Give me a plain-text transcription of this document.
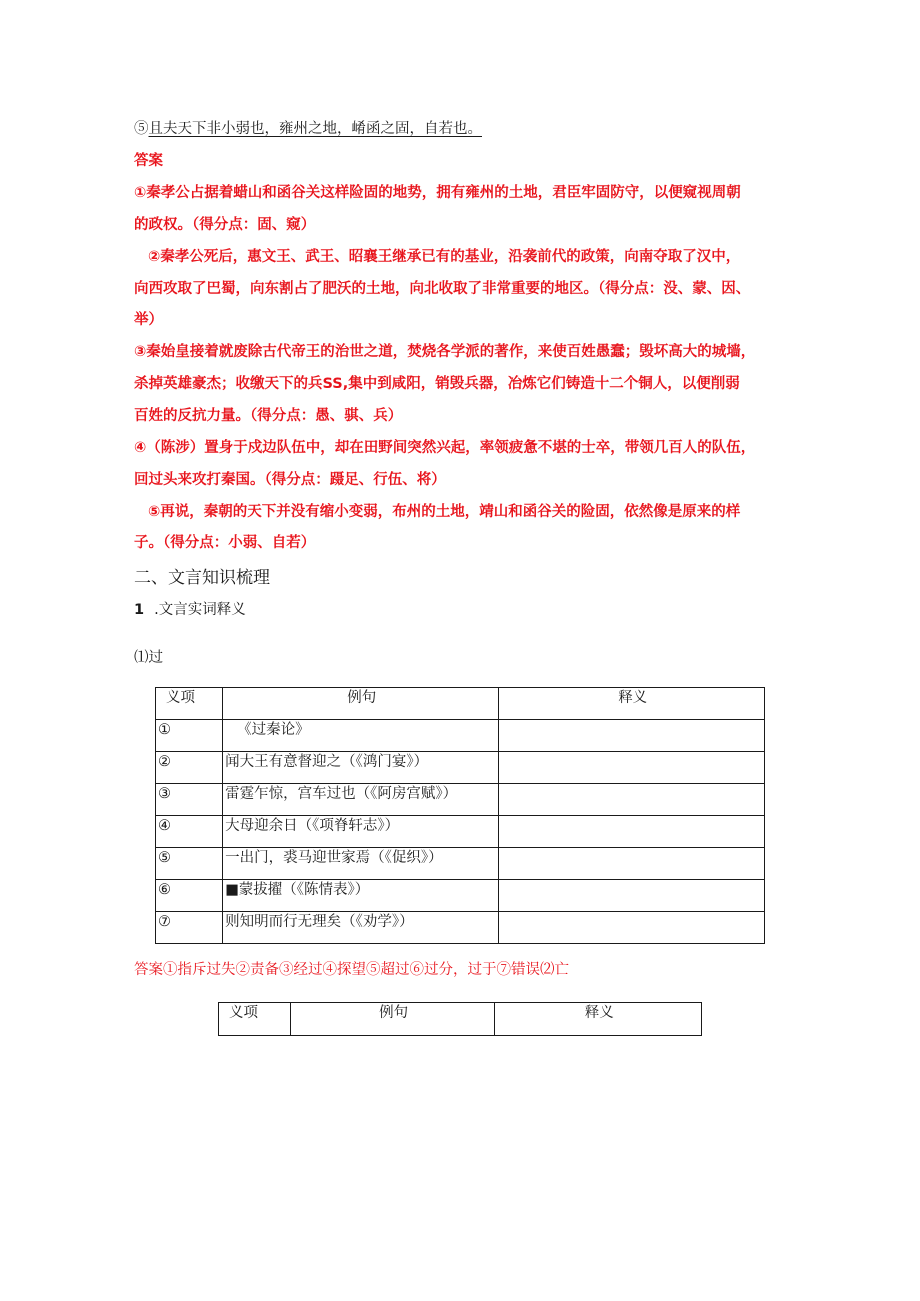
⑤且夫天下非小弱也，雍州之地，崤函之固，自若也。
答案
①秦孝公占据着蜡山和函谷关这样险固的地势，拥有雍州的土地，君臣牢固防守，以便窥视周朝
的政权。（得分点：固、窥）
②秦孝公死后，惠文王、武王、昭襄王继承已有的基业，沿袭前代的政策，向南夺取了汉中，
向西攻取了巴蜀，向东割占了肥沃的土地，向北收取了非常重要的地区。（得分点：没、蒙、因、
举）
③秦始皇接着就废除古代帝王的治世之道，焚烧各学派的著作，来使百姓愚蠢；毁坏高大的城墙，
杀掉英雄豪杰；收缴天下的兵SS,集中到咸阳，销毁兵器，冶炼它们铸造十二个铜人，以便削弱
百姓的反抗力量。（得分点：愚、骐、兵）
④（陈涉）置身于戍边队伍中，却在田野间突然兴起，率领疲惫不堪的士卒，带领几百人的队伍，
回过头来攻打秦国。（得分点：蹑足、行伍、将）
⑤再说，秦朝的天下并没有缩小变弱，布州的土地，靖山和函谷关的险固，依然像是原来的样
子。（得分点：小弱、自若）
二、文言知识梳理
1 .文言实词释义
⑴过
义项	例句	释义
①	《过秦论》	
②	闻大王有意督迎之（《鸿门宴》）	
③	雷霆乍惊，宫车过也（《阿房宫赋》）	
④	大母迎余日（《项脊轩志》）	
⑤	一出门，裘马迎世家焉（《促织》）	
⑥	■蒙拔擢（《陈情表》）	
⑦	则知明而行无理矣（《劝学》）	
答案①指斥过失②责备③经过④探望⑤超过⑥过分，过于⑦错误⑵亡
义项	例句	释义
